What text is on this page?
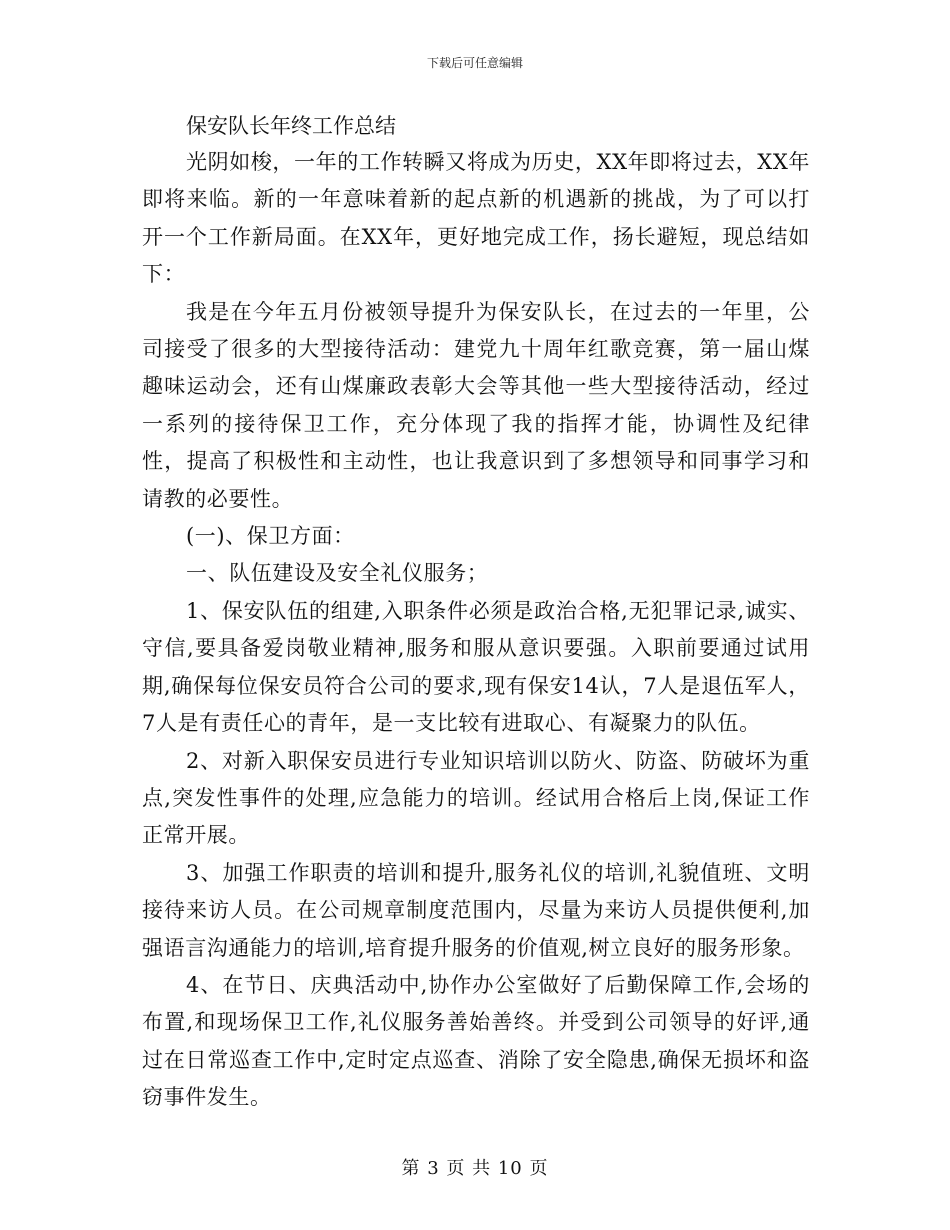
下载后可任意编辑

保安队长年终工作总结

光阴如梭，一年的工作转瞬又将成为历史，XX年即将过去，XX年即将来临。新的一年意味着新的起点新的机遇新的挑战，为了可以打开一个工作新局面。在XX年，更好地完成工作，扬长避短，现总结如下：

我是在今年五月份被领导提升为保安队长，在过去的一年里，公司接受了很多的大型接待活动：建党九十周年红歌竞赛，第一届山煤趣味运动会，还有山煤廉政表彰大会等其他一些大型接待活动，经过一系列的接待保卫工作，充分体现了我的指挥才能，协调性及纪律性，提高了积极性和主动性，也让我意识到了多想领导和同事学习和请教的必要性。

(一)、保卫方面：

一、队伍建设及安全礼仪服务；

1、保安队伍的组建,入职条件必须是政治合格,无犯罪记录,诚实、守信,要具备爱岗敬业精神,服务和服从意识要强。入职前要通过试用期,确保每位保安员符合公司的要求,现有保安14认，7人是退伍军人，7人是有责任心的青年，是一支比较有进取心、有凝聚力的队伍。

2、对新入职保安员进行专业知识培训以防火、防盗、防破坏为重点,突发性事件的处理,应急能力的培训。经试用合格后上岗,保证工作正常开展。

3、加强工作职责的培训和提升,服务礼仪的培训,礼貌值班、文明接待来访人员。在公司规章制度范围内，尽量为来访人员提供便利,加强语言沟通能力的培训,培育提升服务的价值观,树立良好的服务形象。

4、在节日、庆典活动中,协作办公室做好了后勤保障工作,会场的布置,和现场保卫工作,礼仪服务善始善终。并受到公司领导的好评,通过在日常巡查工作中,定时定点巡查、消除了安全隐患,确保无损坏和盗窃事件发生。

第 3 页 共 10 页
